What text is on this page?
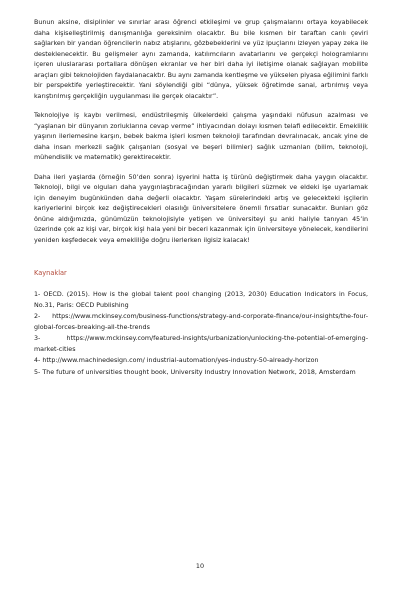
Bunun aksine, disiplinler ve sınırlar arası öğrenci etkileşimi ve grup çalışmalarını ortaya koyabilecek daha kişiselleştirilmiş danışmanlığa gereksinim olacaktır. Bu bile kısmen bir taraftan canlı çeviri sağlarken bir yandan öğrencilerin nabız atışlarını, gözbebeklerini ve yüz ipuçlarını izleyen yapay zeka ile desteklenecektir. Bu gelişmeler aynı zamanda, katılımcıların avatarlarını ve gerçekçi hologramlarını içeren uluslararası portallara dönüşen ekranlar ve her biri daha iyi iletişime olanak sağlayan mobilite araçları gibi teknolojiden faydalanacaktır. Bu aynı zamanda kentleşme ve yükselen piyasa eğilimini farklı bir perspektife yerleştirecektir. Yani söylendiği gibi “dünya, yüksek öğretimde sanal, artırılmış veya karıştırılmış gerçekliğin uygulanması ile gerçek olacaktır”.

Teknolojiye iş kaybı verilmesi, endüstrileşmiş ülkelerdeki çalışma yaşındaki nüfusun azalması ve “yaşlanan bir dünyanın zorluklarına cevap verme” ihtiyacından dolayı kısmen telafi edilecektir. Emeklilik yaşının ilerlemesine karşın, bebek bakma işleri kısmen teknoloji tarafından devralınacak, ancak yine de daha insan merkezli sağlık çalışanları (sosyal ve beşeri bilimler) sağlık uzmanları (bilim, teknoloji, mühendislik ve matematik) gerektirecektir.

Daha ileri yaşlarda (örneğin 50’den sonra) işyerini hatta iş türünü değiştirmek daha yaygın olacaktır. Teknoloji, bilgi ve olguları daha yaygınlaştıracağından yararlı bilgileri süzmek ve eldeki işe uyarlamak için deneyim bugünkünden daha değerli olacaktır. Yaşam sürelerindeki artış ve gelecekteki işçilerin kariyerlerini birçok kez değiştirecekleri olasılığı üniversitelere önemli fırsatlar sunacaktır. Bunları göz önüne aldığımızda, günümüzün teknolojisiyle yetişen ve üniversiteyi şu anki haliyle tanıyan 45’in üzerinde çok az kişi var, birçok kişi hala yeni bir beceri kazanmak için üniversiteye yönelecek, kendilerini yeniden keşfedecek veya emekliliğe doğru ilerlerken ilgisiz kalacak!

Kaynaklar
1- OECD. (2015). How is the global talent pool changing (2013, 2030) Education Indicators in Focus, No.31, Paris: OECD Publishing
2- https://www.mckinsey.com/business-functions/strategy-and-corporate-finance/our-insights/the-four-global-forces-breaking-all-the-trends
3- https://www.mckinsey.com/featured-insights/urbanization/unlocking-the-potential-of-emerging-market-cities
4- http://www.machinedesign.com/ industrial-automation/yes-industry-50-already-horizon
5- The future of universities thought book, University Industry Innovation Network, 2018, Amsterdam
10
